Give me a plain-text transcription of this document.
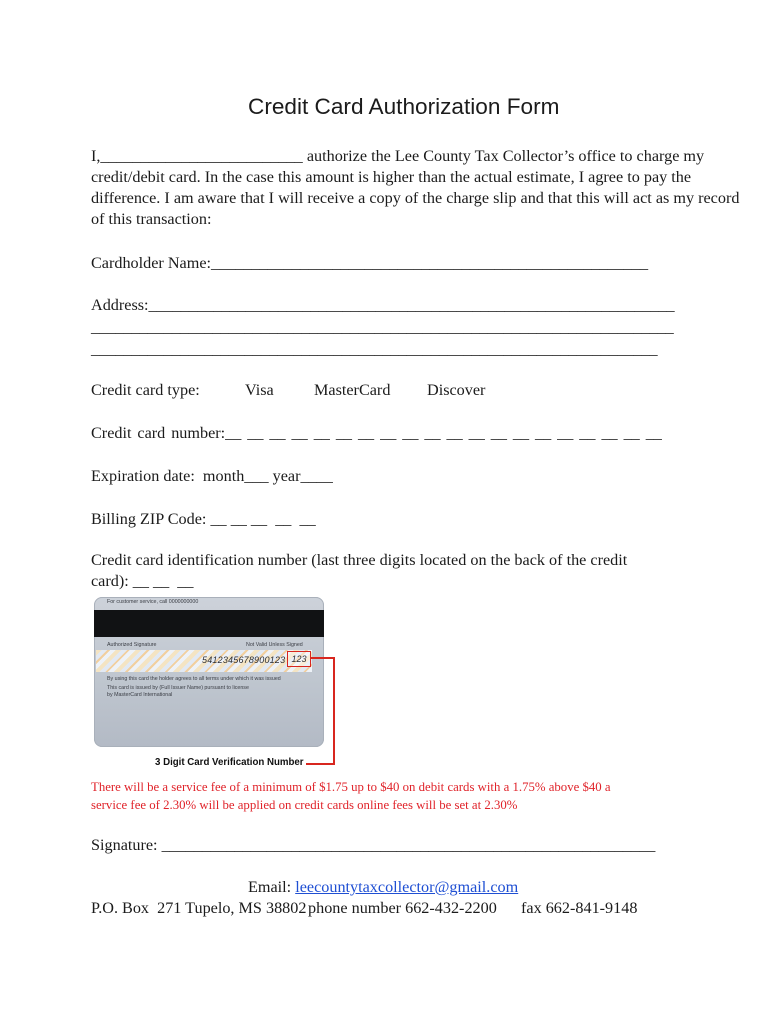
Credit Card Authorization Form
I,_________________________ authorize the Lee County Tax Collector’s office to charge my
credit/debit card. In the case this amount is higher than the actual estimate, I agree to pay the
difference. I am aware that I will receive a copy of the charge slip and that this will act as my record
of this transaction:
Cardholder Name:______________________________________________________
Address:_________________________________________________________________
________________________________________________________________________
______________________________________________________________________
Credit card type:	Visa MasterCard Discover
Credit card number:__ __ __ __ __ __ __ __ __ __ __ __ __ __ __ __ __ __ __ __
Expiration date:  month___ year____
Billing ZIP Code: __ __ __  __  __
Credit card identification number (last three digits located on the back of the credit
card): __ __  __
For customer service, call 0000000000
Authorized Signature	Not Valid Unless Signed
5412345678900123 123
By using this card the holder agrees to all terms under which it was issued
This card is issued by (Full Issuer Name) pursuant to license
by MasterCard International
3 Digit Card Verification Number
There will be a service fee of a minimum of $1.75 up to $40 on debit cards with a 1.75% above $40 a
service fee of 2.30% will be applied on credit cards online fees will be set at 2.30%
Signature: _____________________________________________________________
Email: leecountytaxcollector@gmail.com
P.O. Box  271 Tupelo, MS 38802 phone number 662-432-2200 fax 662-841-9148
